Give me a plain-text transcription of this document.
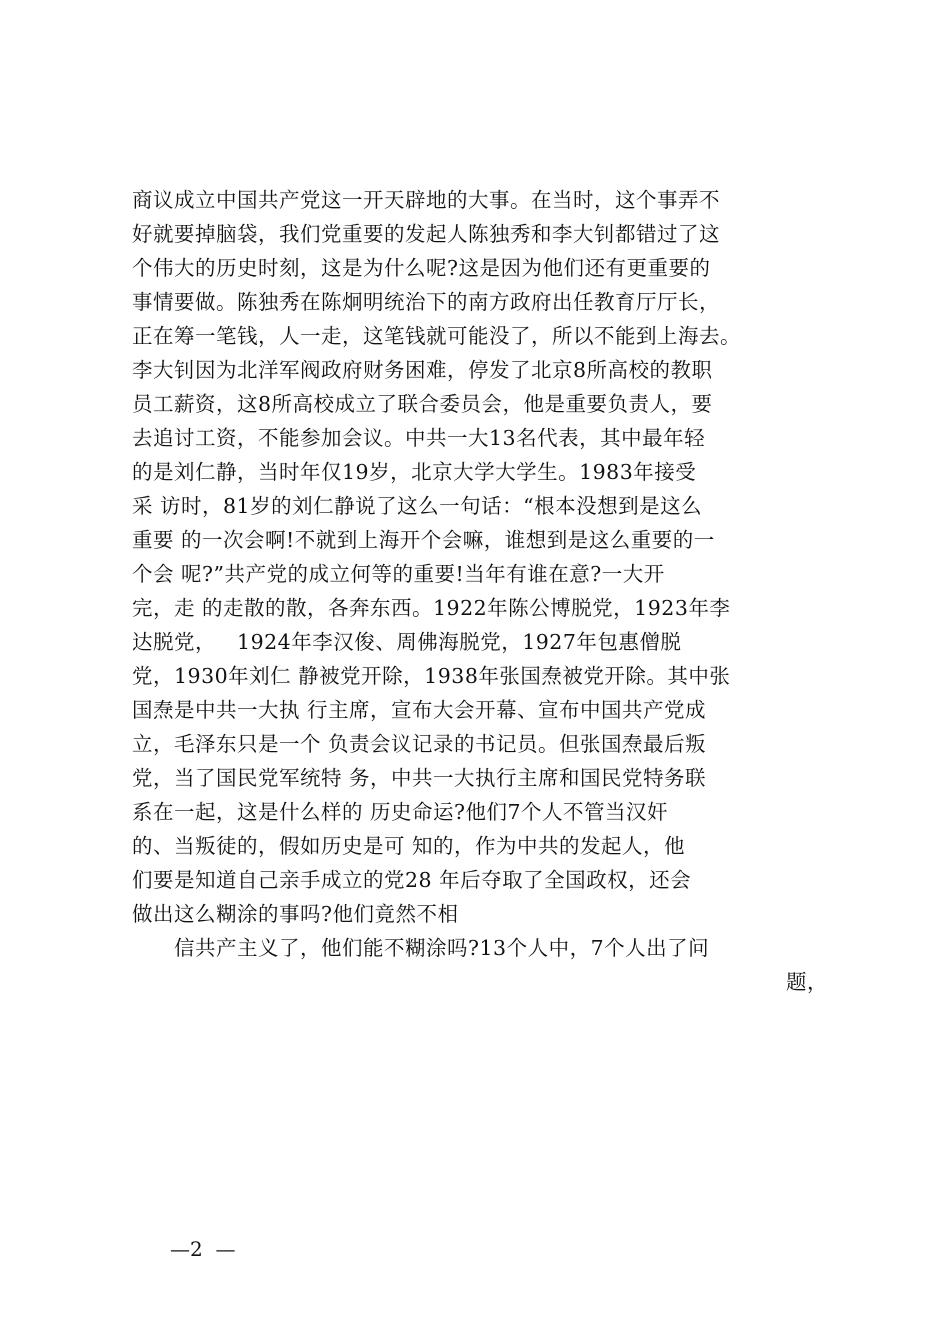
商议成立中国共产党这一开天辟地的大事。在当时，这个事弄不
好就要掉脑袋，我们党重要的发起人陈独秀和李大钊都错过了这
个伟大的历史时刻，这是为什么呢?这是因为他们还有更重要的
事情要做。陈独秀在陈炯明统治下的南方政府出任教育厅厅长，
正在筹一笔钱，人一走，这笔钱就可能没了，所以不能到上海去。
李大钊因为北洋军阀政府财务困难，停发了北京8所高校的教职
员工薪资，这8所高校成立了联合委员会，他是重要负责人，要
去追讨工资，不能参加会议。中共一大13名代表，其中最年轻
的是刘仁静，当时年仅19岁，北京大学大学生。1983年接受
采 访时，81岁的刘仁静说了这么一句话：“根本没想到是这么
重要 的一次会啊!不就到上海开个会嘛，谁想到是这么重要的一
个会 呢?”共产党的成立何等的重要!当年有谁在意?一大开
完，走 的走散的散，各奔东西。1922年陈公博脱党，1923年李
达脱党，   1924年李汉俊、周佛海脱党，1927年包惠僧脱
党，1930年刘仁 静被党开除，1938年张国焘被党开除。其中张
国焘是中共一大执 行主席，宣布大会开幕、宣布中国共产党成
立，毛泽东只是一个 负责会议记录的书记员。但张国焘最后叛
党，当了国民党军统特 务，中共一大执行主席和国民党特务联
系在一起，这是什么样的 历史命运?他们7个人不管当汉奸
的、当叛徒的，假如历史是可 知的，作为中共的发起人，他
们要是知道自己亲手成立的党28 年后夺取了全国政权，还会
做出这么糊涂的事吗?他们竟然不相
信共产主义了，他们能不糊涂吗?13个人中，7个人出了问
题，
—2  —
